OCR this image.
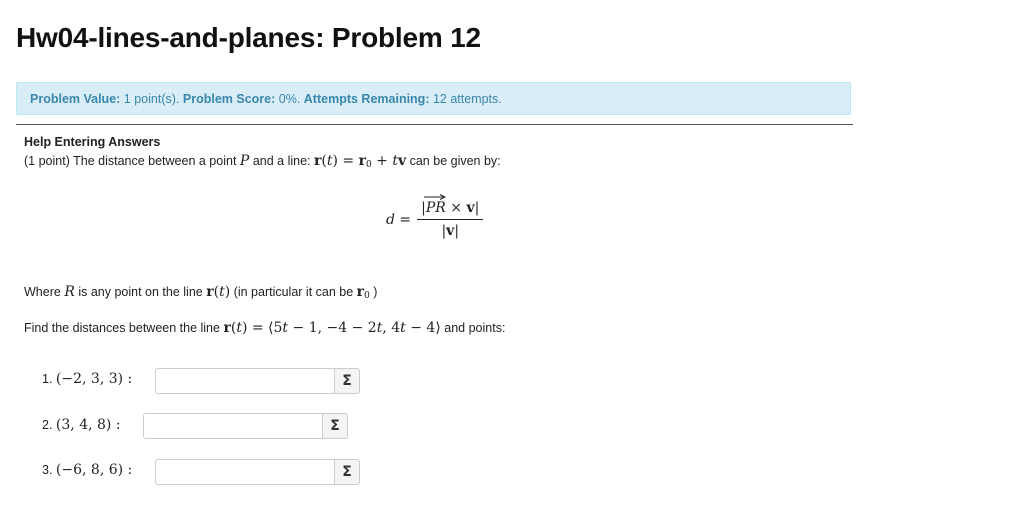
Hw04-lines-and-planes: Problem 12
Problem Value:
1 point(s).
Problem Score:
0%.
Attempts Remaining:
12 attempts.
Help Entering Answers
(1 point) The distance between a point P and a line: $r(t) = r_0$ + tv can be given by:
$d = \frac{|PR \times v|}{|v|}$
Where R is any point on the line r(t) (in particular it can be $r_0$ )
Find the distances between the line r(t) = ⟨5t − 1, −4 − 2t, 4t − 4⟩ and points:
1.
(−2, 3, 3) :	Σ
2.
(3, 4, 8) :	Σ
3.
(−6, 8, 6) :	Σ
